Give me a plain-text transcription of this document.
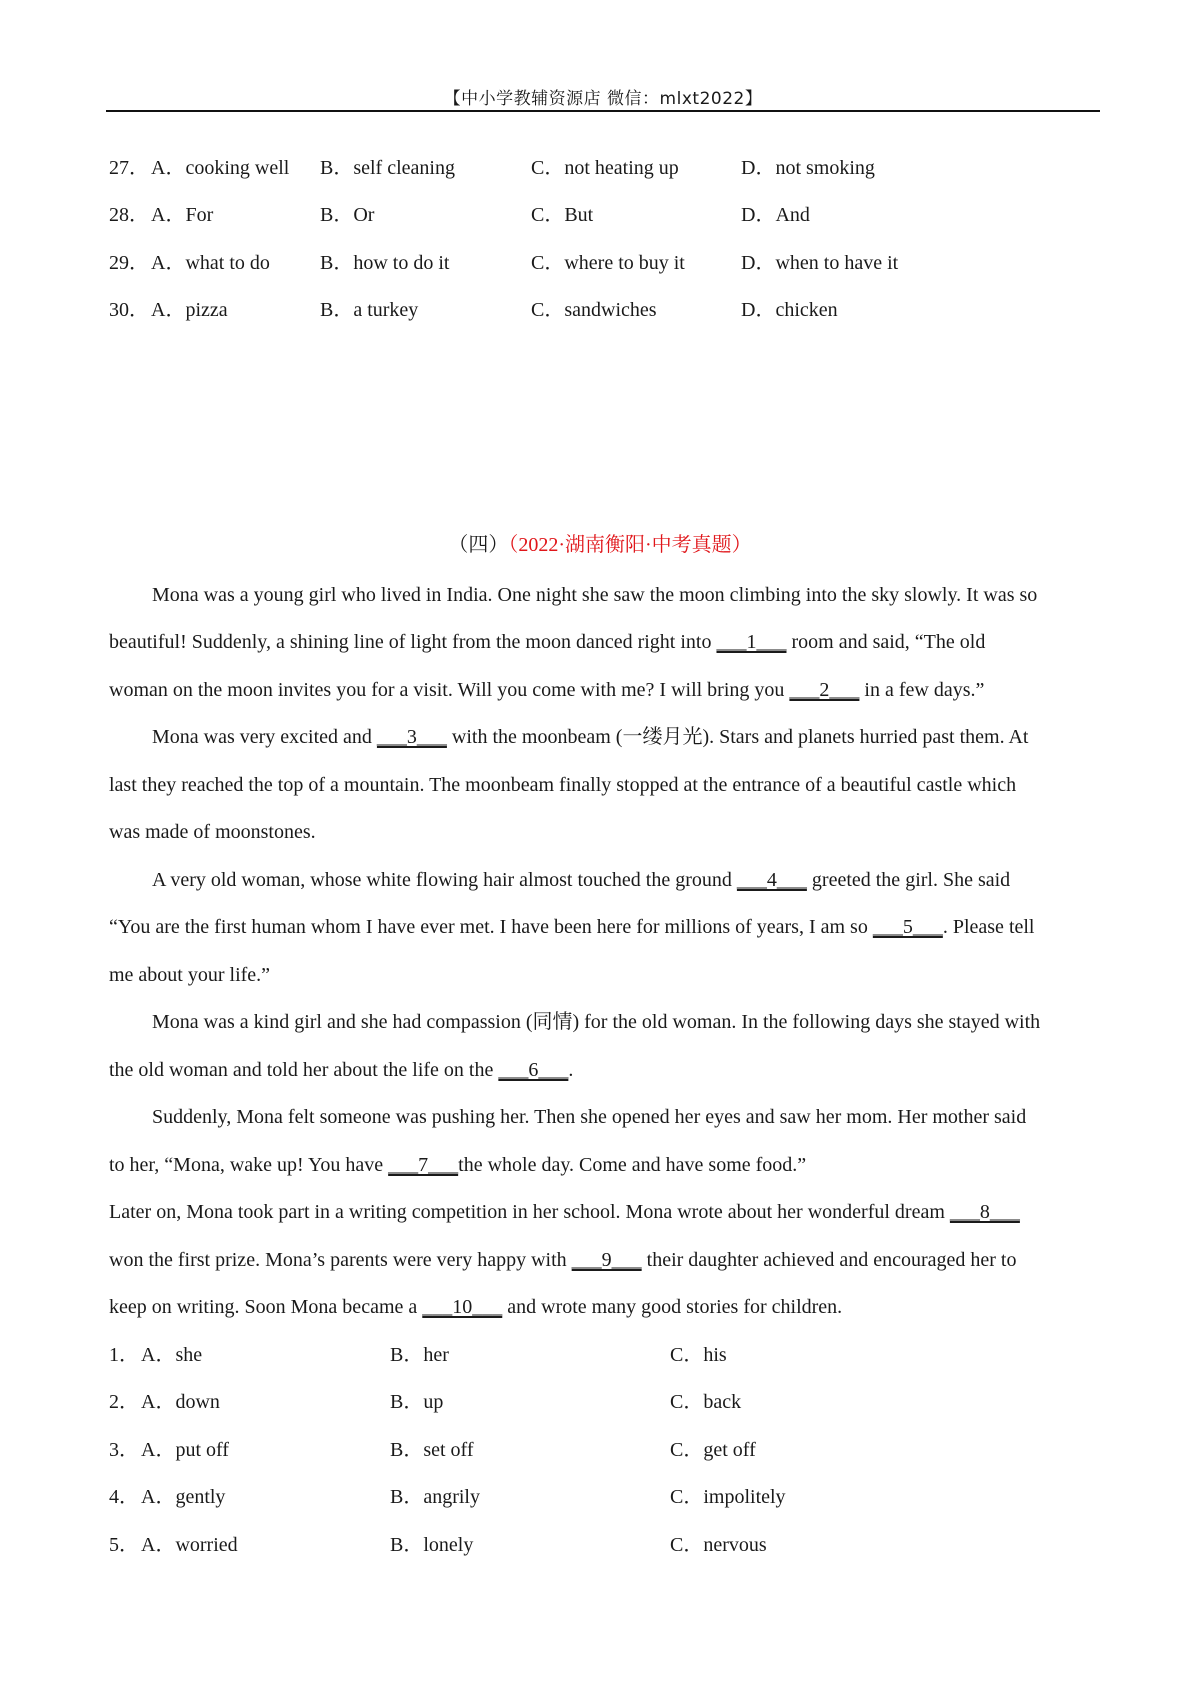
【中小学教辅资源店 微信：mlxt2022】
27． A．cooking well B．self cleaning	C．not heating up	D．not smoking
28． A．For	B．Or	C．But	D．And
29． A．what to do	B．how to do it	C．where to buy it	D．when to have it
30． A．pizza	B．a turkey	C．sandwiches	D．chicken
（四）（2022·湖南衡阳·中考真题）
Mona was a young girl who lived in India. One night she saw the moon climbing into the sky slowly. It was so
beautiful! Suddenly, a shining line of light from the moon danced right into ___1___ room and said, “The old
woman on the moon invites you for a visit. Will you come with me? I will bring you ___2___ in a few days.”
Mona was very excited and ___3___ with the moonbeam (一缕月光). Stars and planets hurried past them. At
last they reached the top of a mountain. The moonbeam finally stopped at the entrance of a beautiful castle which
was made of moonstones.
A very old woman, whose white flowing hair almost touched the ground ___4___ greeted the girl. She said
“You are the first human whom I have ever met. I have been here for millions of years, I am so ___5___. Please tell
me about your life.”
Mona was a kind girl and she had compassion (同情) for the old woman. In the following days she stayed with
the old woman and told her about the life on the ___6___.
Suddenly, Mona felt someone was pushing her. Then she opened her eyes and saw her mom. Her mother said
to her, “Mona, wake up! You have ___7___the whole day. Come and have some food.”
Later on, Mona took part in a writing competition in her school. Mona wrote about her wonderful dream ___8___
won the first prize. Mona’s parents were very happy with ___9___ their daughter achieved and encouraged her to
keep on writing. Soon Mona became a ___10___ and wrote many good stories for children.
1． A．she	B．her	C．his
2． A．down	B．up	C．back
3． A．put off	B．set off	C．get off
4． A．gently	B．angrily	C．impolitely
5． A．worried	B．lonely	C．nervous
